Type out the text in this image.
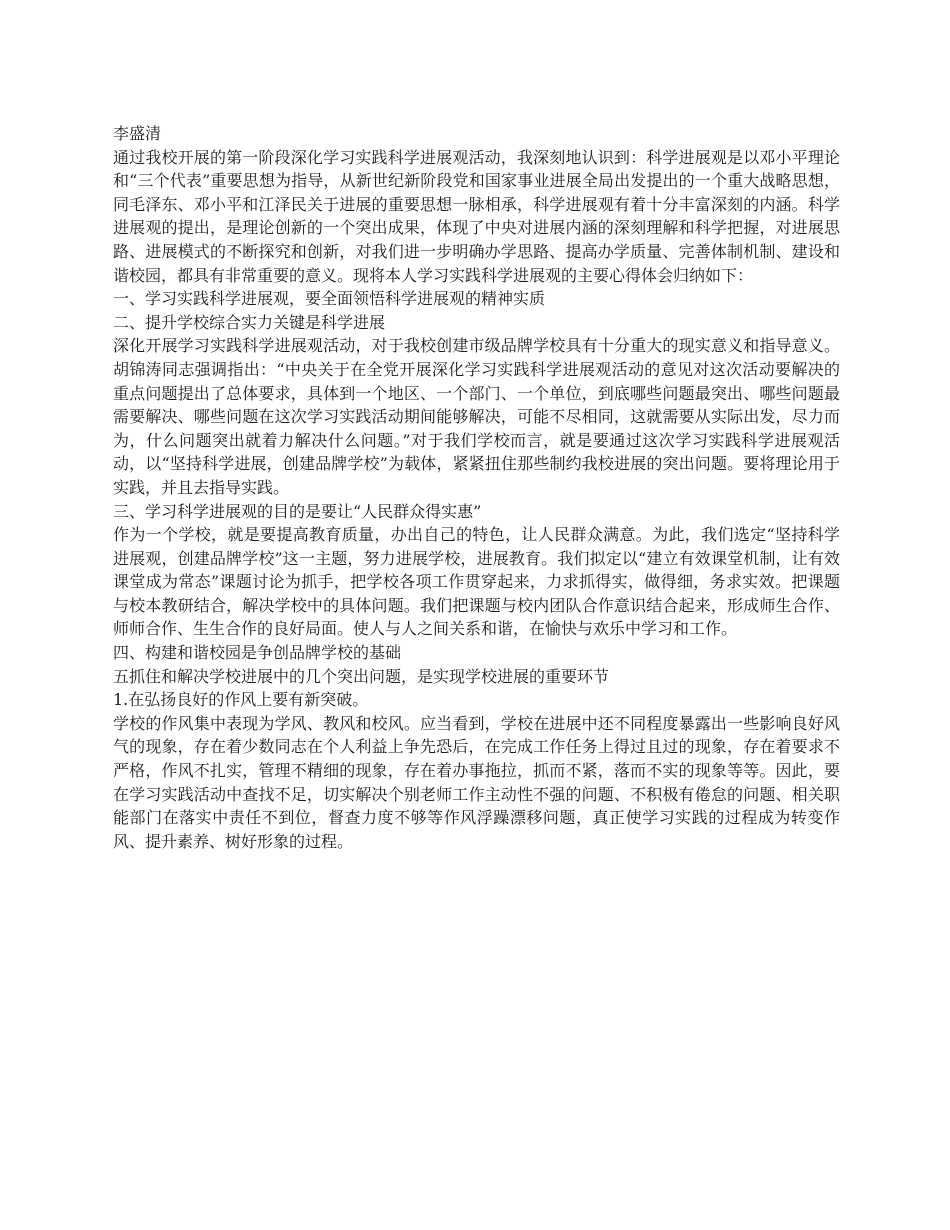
李盛清

通过我校开展的第一阶段深化学习实践科学进展观活动，我深刻地认识到：科学进展观是以邓小平理论和“三个代表”重要思想为指导，从新世纪新阶段党和国家事业进展全局出发提出的一个重大战略思想，同毛泽东、邓小平和江泽民关于进展的重要思想一脉相承，科学进展观有着十分丰富深刻的内涵。科学进展观的提出，是理论创新的一个突出成果，体现了中央对进展内涵的深刻理解和科学把握，对进展思路、进展模式的不断探究和创新，对我们进一步明确办学思路、提高办学质量、完善体制机制、建设和谐校园，都具有非常重要的意义。现将本人学习实践科学进展观的主要心得体会归纳如下：

一、学习实践科学进展观，要全面领悟科学进展观的精神实质

二、提升学校综合实力关键是科学进展

深化开展学习实践科学进展观活动，对于我校创建市级品牌学校具有十分重大的现实意义和指导意义。胡锦涛同志强调指出：“中央关于在全党开展深化学习实践科学进展观活动的意见对这次活动要解决的重点问题提出了总体要求，具体到一个地区、一个部门、一个单位，到底哪些问题最突出、哪些问题最需要解决、哪些问题在这次学习实践活动期间能够解决，可能不尽相同，这就需要从实际出发，尽力而为，什么问题突出就着力解决什么问题。”对于我们学校而言，就是要通过这次学习实践科学进展观活动，以“坚持科学进展，创建品牌学校”为载体，紧紧扭住那些制约我校进展的突出问题。要将理论用于实践，并且去指导实践。

三、学习科学进展观的目的是要让“人民群众得实惠”

作为一个学校，就是要提高教育质量，办出自己的特色，让人民群众满意。为此，我们选定“坚持科学进展观，创建品牌学校”这一主题，努力进展学校，进展教育。我们拟定以“建立有效课堂机制，让有效课堂成为常态”课题讨论为抓手，把学校各项工作贯穿起来，力求抓得实，做得细，务求实效。把课题与校本教研结合，解决学校中的具体问题。我们把课题与校内团队合作意识结合起来，形成师生合作、师师合作、生生合作的良好局面。使人与人之间关系和谐，在愉快与欢乐中学习和工作。

四、构建和谐校园是争创品牌学校的基础

五抓住和解决学校进展中的几个突出问题，是实现学校进展的重要环节

1.在弘扬良好的作风上要有新突破。

学校的作风集中表现为学风、教风和校风。应当看到，学校在进展中还不同程度暴露出一些影响良好风气的现象，存在着少数同志在个人利益上争先恐后，在完成工作任务上得过且过的现象，存在着要求不严格，作风不扎实，管理不精细的现象，存在着办事拖拉，抓而不紧，落而不实的现象等等。因此，要在学习实践活动中查找不足，切实解决个别老师工作主动性不强的问题、不积极有倦怠的问题、相关职能部门在落实中责任不到位，督查力度不够等作风浮躁漂移问题，真正使学习实践的过程成为转变作风、提升素养、树好形象的过程。
